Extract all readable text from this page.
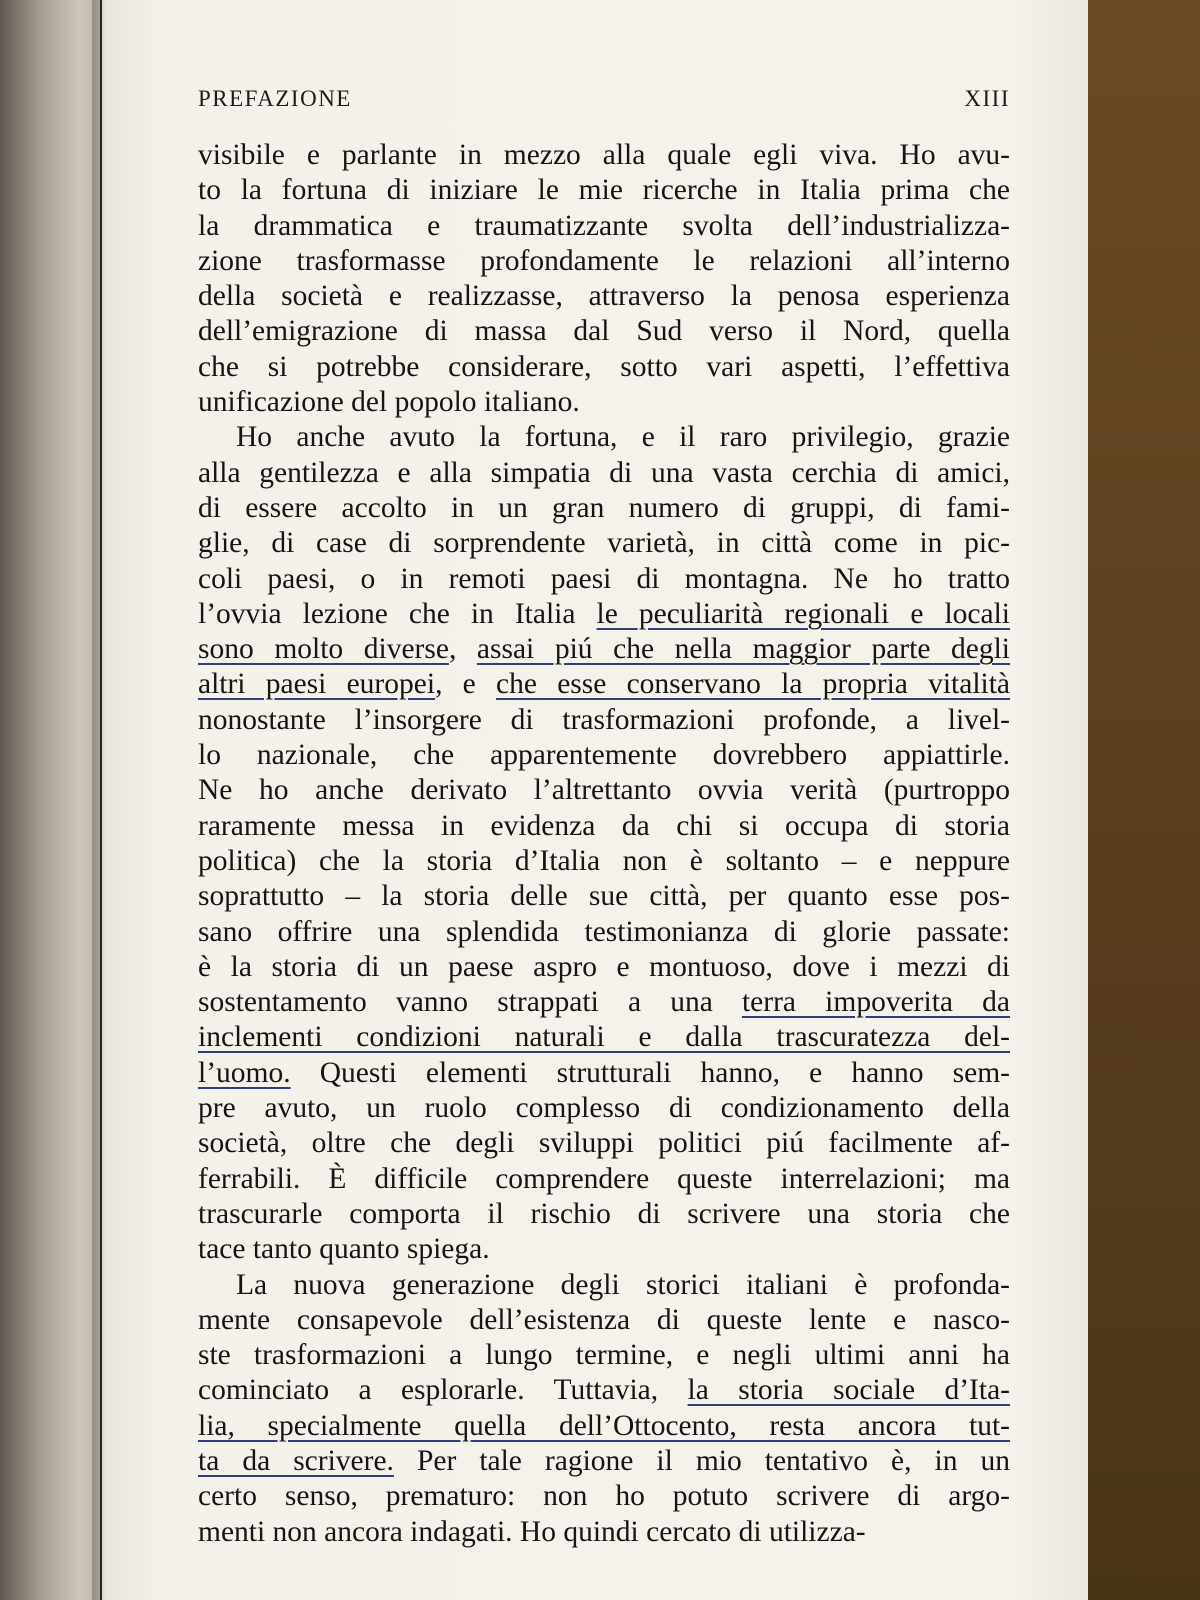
PREFAZIONE	XIII
visibile e parlante in mezzo alla quale egli viva. Ho avu-
to la fortuna di iniziare le mie ricerche in Italia prima che
la drammatica e traumatizzante svolta dell’industrializza-
zione trasformasse profondamente le relazioni all’interno
della società e realizzasse, attraverso la penosa esperienza
dell’emigrazione di massa dal Sud verso il Nord, quella
che si potrebbe considerare, sotto vari aspetti, l’effettiva
unificazione del popolo italiano.
Ho anche avuto la fortuna, e il raro privilegio, grazie
alla gentilezza e alla simpatia di una vasta cerchia di amici,
di essere accolto in un gran numero di gruppi, di fami-
glie, di case di sorprendente varietà, in città come in pic-
coli paesi, o in remoti paesi di montagna. Ne ho tratto
l’ovvia lezione che in Italia le peculiarità regionali e locali
sono molto diverse, assai piú che nella maggior parte degli
altri paesi europei, e che esse conservano la propria vitalità
nonostante l’insorgere di trasformazioni profonde, a livel-
lo nazionale, che apparentemente dovrebbero appiattirle.
Ne ho anche derivato l’altrettanto ovvia verità (purtroppo
raramente messa in evidenza da chi si occupa di storia
politica) che la storia d’Italia non è soltanto – e neppure
soprattutto – la storia delle sue città, per quanto esse pos-
sano offrire una splendida testimonianza di glorie passate:
è la storia di un paese aspro e montuoso, dove i mezzi di
sostentamento vanno strappati a una terra impoverita da
inclementi condizioni naturali e dalla trascuratezza del-
l’uomo. Questi elementi strutturali hanno, e hanno sem-
pre avuto, un ruolo complesso di condizionamento della
società, oltre che degli sviluppi politici piú facilmente af-
ferrabili. È difficile comprendere queste interrelazioni; ma
trascurarle comporta il rischio di scrivere una storia che
tace tanto quanto spiega.
La nuova generazione degli storici italiani è profonda-
mente consapevole dell’esistenza di queste lente e nasco-
ste trasformazioni a lungo termine, e negli ultimi anni ha
cominciato a esplorarle. Tuttavia, la storia sociale d’Ita-
lia, specialmente quella dell’Ottocento, resta ancora tut-
ta da scrivere. Per tale ragione il mio tentativo è, in un
certo senso, prematuro: non ho potuto scrivere di argo-
menti non ancora indagati. Ho quindi cercato di utilizza-
